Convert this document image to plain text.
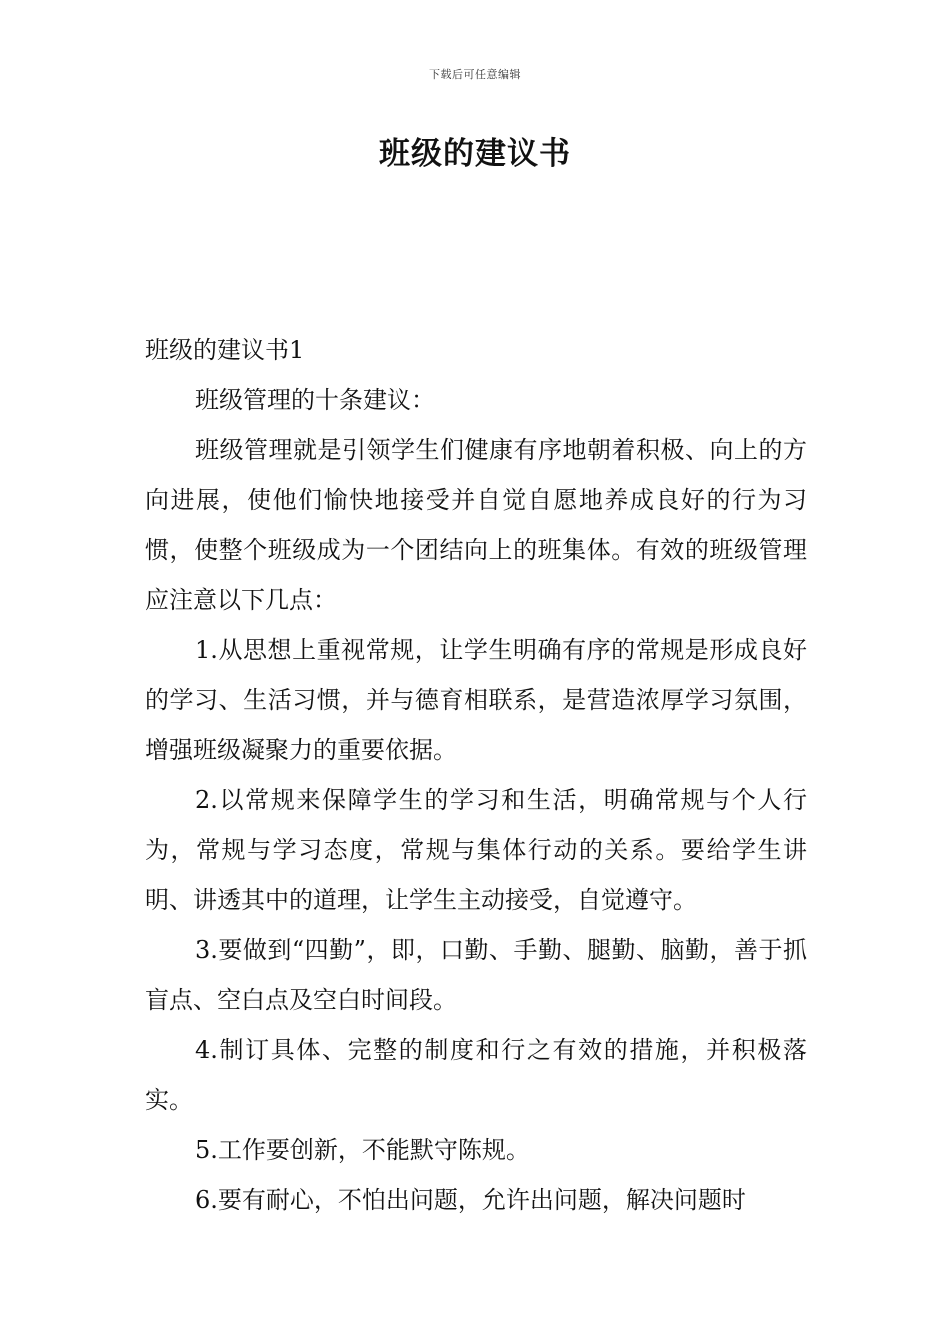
下载后可任意编辑
班级的建议书

班级的建议书1

班级管理的十条建议：

班级管理就是引领学生们健康有序地朝着积极、向上的方向进展，使他们愉快地接受并自觉自愿地养成良好的行为习惯，使整个班级成为一个团结向上的班集体。有效的班级管理应注意以下几点：

1.从思想上重视常规，让学生明确有序的常规是形成良好的学习、生活习惯，并与德育相联系，是营造浓厚学习氛围，增强班级凝聚力的重要依据。

2.以常规来保障学生的学习和生活，明确常规与个人行为，常规与学习态度，常规与集体行动的关系。要给学生讲明、讲透其中的道理，让学生主动接受，自觉遵守。

3.要做到“四勤”，即，口勤、手勤、腿勤、脑勤，善于抓盲点、空白点及空白时间段。

4.制订具体、完整的制度和行之有效的措施，并积极落实。

5.工作要创新，不能默守陈规。

6.要有耐心，不怕出问题，允许出问题，解决问题时
